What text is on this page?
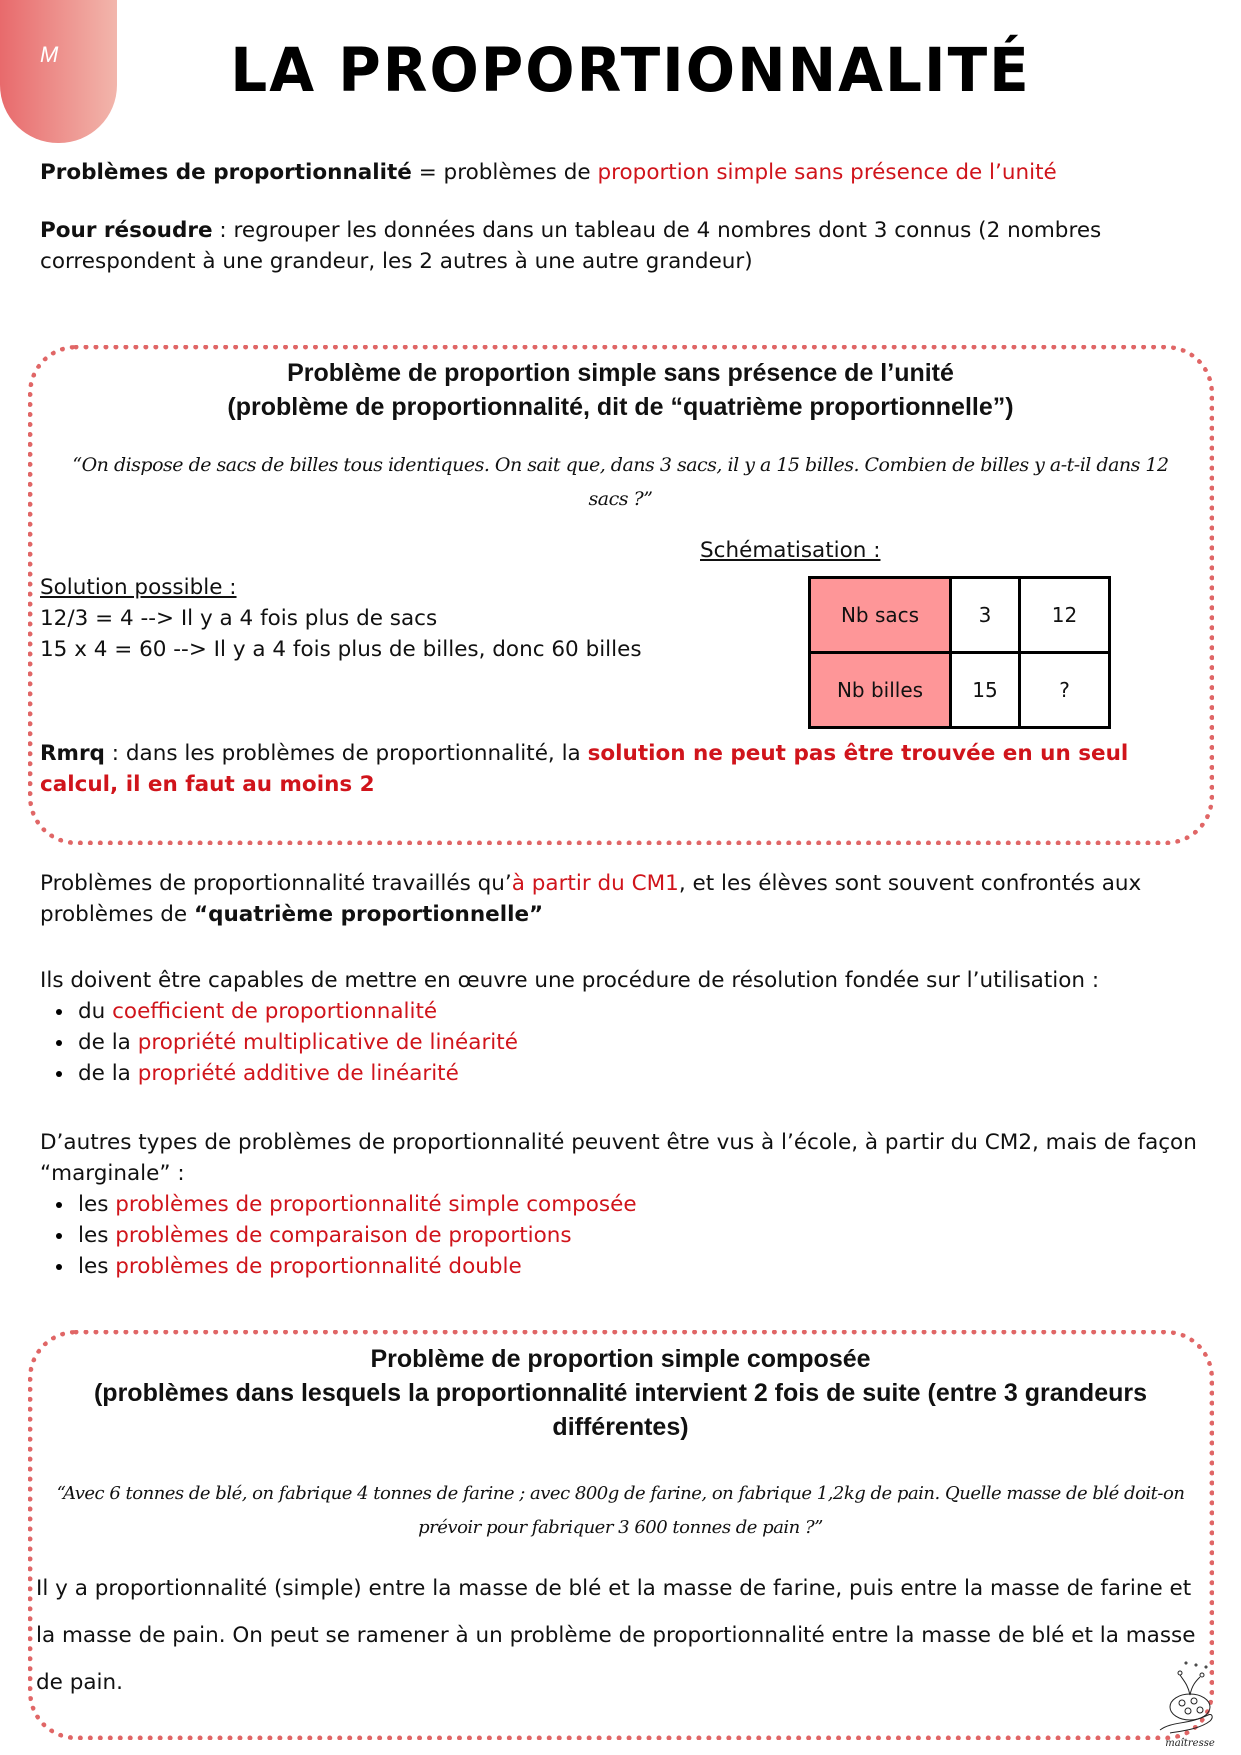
M	LA PROPORTIONNALITÉ
Problèmes de proportionnalité = problèmes de proportion simple sans présence de l’unité
Pour résoudre : regrouper les données dans un tableau de 4 nombres dont 3 connus (2 nombres correspondent à une grandeur, les 2 autres à une autre grandeur)
Problème de proportion simple sans présence de l’unité
(problème de proportionnalité, dit de “quatrième proportionnelle”)
“On dispose de sacs de billes tous identiques. On sait que, dans 3 sacs, il y a 15 billes. Combien de billes y a-t-il dans 12 sacs ?”
Schématisation :
Solution possible :
12/3 = 4 --> Il y a 4 fois plus de sacs
15 x 4 = 60 --> Il y a 4 fois plus de billes, donc 60 billes
Nb sacs	3	12
Nb billes	15	?
Rmrq : dans les problèmes de proportionnalité, la solution ne peut pas être trouvée en un seul calcul, il en faut au moins 2
Problèmes de proportionnalité travaillés qu’à partir du CM1, et les élèves sont souvent confrontés aux problèmes de “quatrième proportionnelle”
Ils doivent être capables de mettre en œuvre une procédure de résolution fondée sur l’utilisation :
du coefficient de proportionnalité
de la propriété multiplicative de linéarité
de la propriété additive de linéarité
D’autres types de problèmes de proportionnalité peuvent être vus à l’école, à partir du CM2, mais de façon “marginale” :
les problèmes de proportionnalité simple composée
les problèmes de comparaison de proportions
les problèmes de proportionnalité double
Problème de proportion simple composée
(problèmes dans lesquels la proportionnalité intervient 2 fois de suite (entre 3 grandeurs différentes)
“Avec 6 tonnes de blé, on fabrique 4 tonnes de farine ; avec 800g de farine, on fabrique 1,2kg de pain. Quelle masse de blé doit-on prévoir pour fabriquer 3 600 tonnes de pain ?”
Il y a proportionnalité (simple) entre la masse de blé et la masse de farine, puis entre la masse de farine et la masse de pain. On peut se ramener à un problème de proportionnalité entre la masse de blé et la masse de pain.
maîtresse
